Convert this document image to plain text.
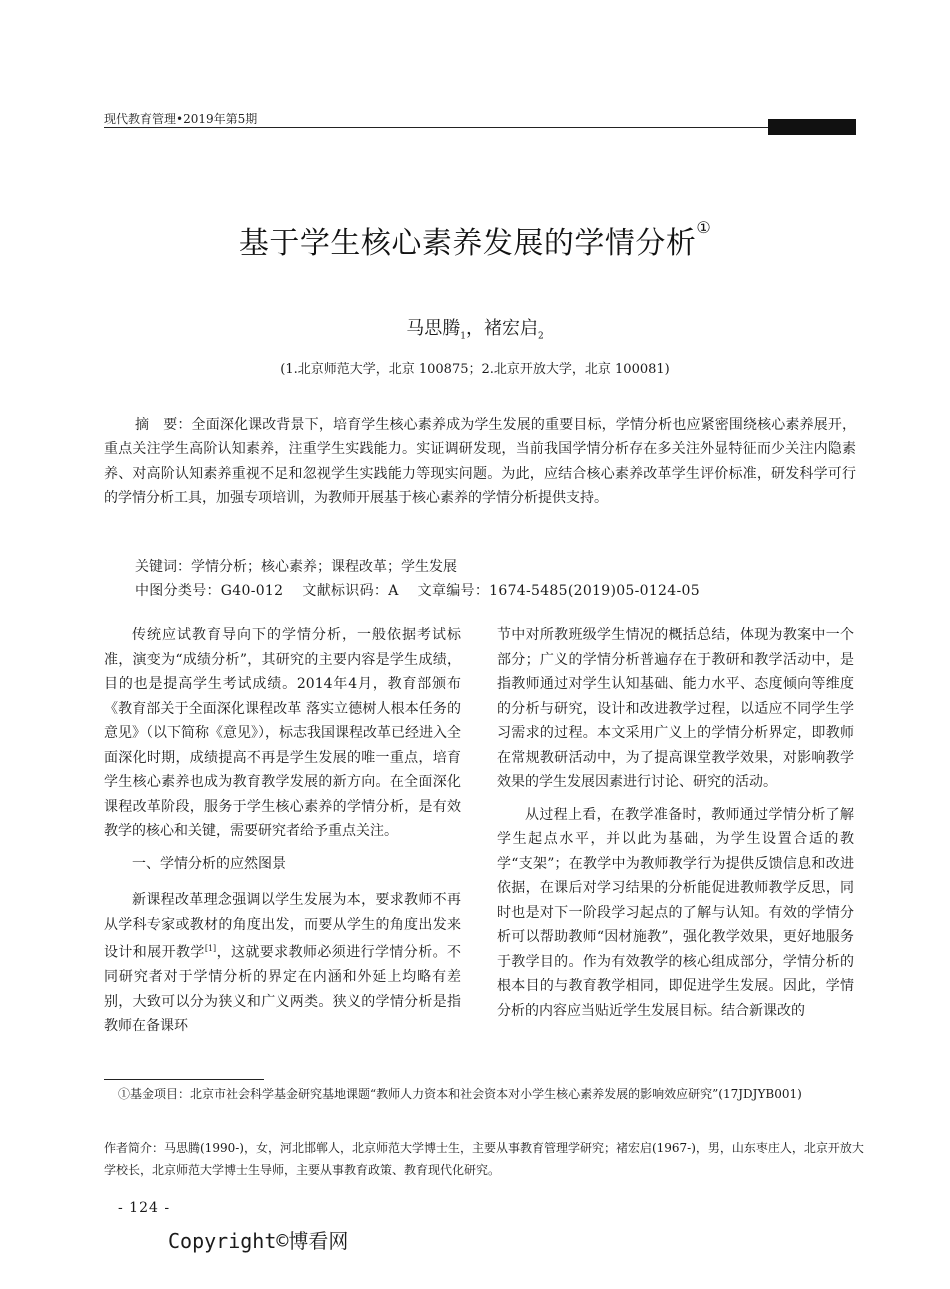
现代教育管理•2019年第5期
基于学生核心素养发展的学情分析①
马思腾$_1$，褚宏启$_2$
(1.北京师范大学，北京 100875；2.北京开放大学，北京 100081)
摘　要：全面深化课改背景下，培育学生核心素养成为学生发展的重要目标，学情分析也应紧密围绕核心素养展开，重点关注学生高阶认知素养，注重学生实践能力。实证调研发现，当前我国学情分析存在多关注外显特征而少关注内隐素养、对高阶认知素养重视不足和忽视学生实践能力等现实问题。为此，应结合核心素养改革学生评价标准，研发科学可行的学情分析工具，加强专项培训，为教师开展基于核心素养的学情分析提供支持。
关键词：学情分析；核心素养；课程改革；学生发展
中图分类号：G40-012　 文献标识码：A　 文章编号：1674-5485(2019)05-0124-05

传统应试教育导向下的学情分析，一般依据考试标准，演变为“成绩分析”，其研究的主要内容是学生成绩，目的也是提高学生考试成绩。2014年4月，教育部颁布《教育部关于全面深化课程改革 落实立德树人根本任务的意见》（以下简称《意见》），标志我国课程改革已经进入全面深化时期，成绩提高不再是学生发展的唯一重点，培育学生核心素养也成为教育教学发展的新方向。在全面深化课程改革阶段，服务于学生核心素养的学情分析，是有效教学的核心和关键，需要研究者给予重点关注。

一、学情分析的应然图景

新课程改革理念强调以学生发展为本，要求教师不再从学科专家或教材的角度出发，而要从学生的角度出发来设计和展开教学[1]，这就要求教师必须进行学情分析。不同研究者对于学情分析的界定在内涵和外延上均略有差别，大致可以分为狭义和广义两类。狭义的学情分析是指教师在备课环

节中对所教班级学生情况的概括总结，体现为教案中一个部分；广义的学情分析普遍存在于教研和教学活动中，是指教师通过对学生认知基础、能力水平、态度倾向等维度的分析与研究，设计和改进教学过程，以适应不同学生学习需求的过程。本文采用广义上的学情分析界定，即教师在常规教研活动中，为了提高课堂教学效果，对影响教学效果的学生发展因素进行讨论、研究的活动。

从过程上看，在教学准备时，教师通过学情分析了解学生起点水平，并以此为基础，为学生设置合适的教学“支架”；在教学中为教师教学行为提供反馈信息和改进依据，在课后对学习结果的分析能促进教师教学反思，同时也是对下一阶段学习起点的了解与认知。有效的学情分析可以帮助教师“因材施教”，强化教学效果，更好地服务于教学目的。作为有效教学的核心组成部分，学情分析的根本目的与教育教学相同，即促进学生发展。因此，学情分析的内容应当贴近学生发展目标。结合新课改的

①基金项目：北京市社会科学基金研究基地课题“教师人力资本和社会资本对小学生核心素养发展的影响效应研究”(17JDJYB001)
作者简介：马思腾(1990-)，女，河北邯郸人，北京师范大学博士生，主要从事教育管理学研究；褚宏启(1967-)，男，山东枣庄人，北京开放大学校长，北京师范大学博士生导师，主要从事教育政策、教育现代化研究。
- 124 -
Copyright©博看网
